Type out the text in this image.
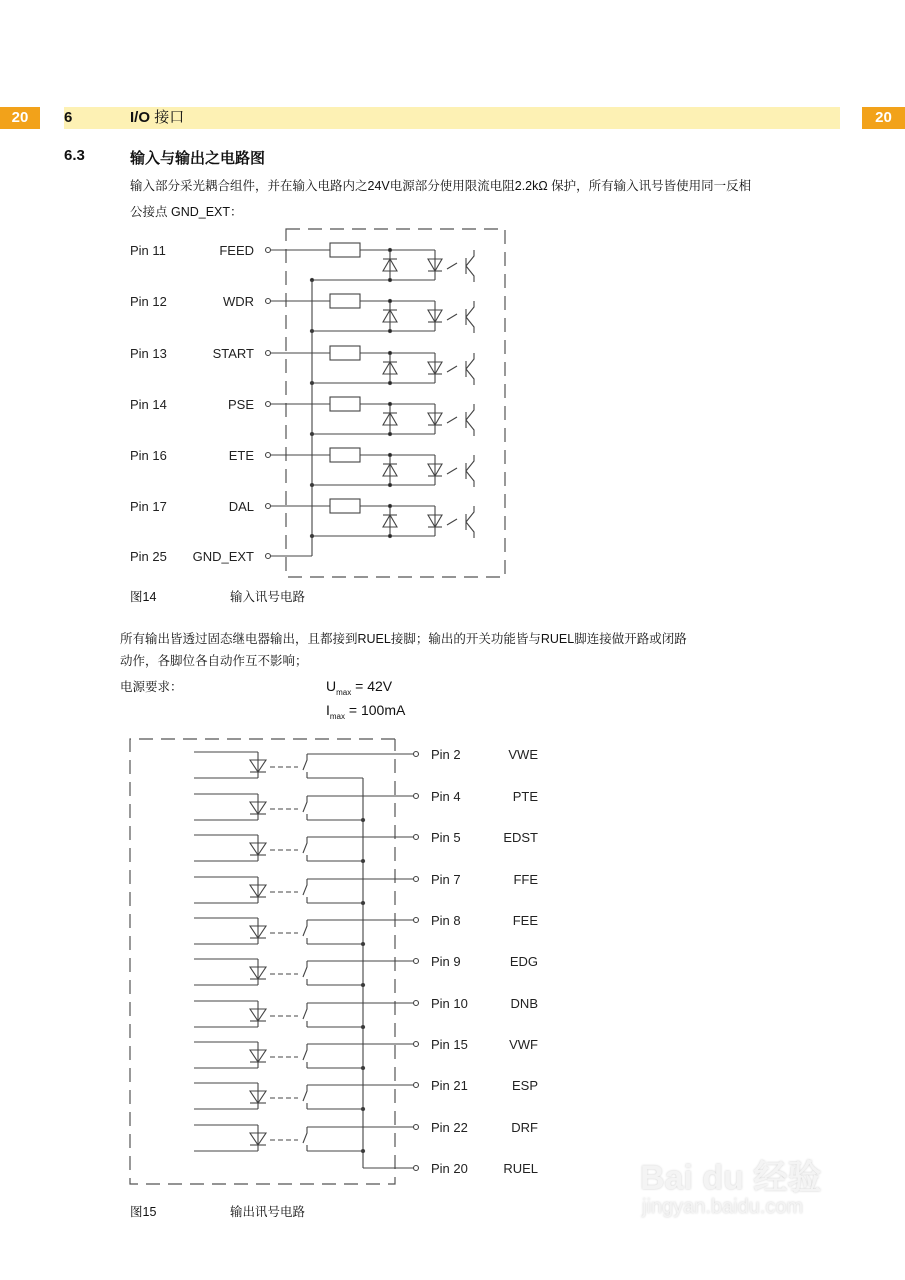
20	6	I/O 接口	20
6.3	输入与输出之电路图
输入部分采光耦合组件，并在输入电路内之24V电源部分使用限流电阻2.2kΩ 保护，所有输入讯号皆使用同一反相
公接点 GND_EXT：
Pin 11	FEED
Pin 12	WDR
Pin 13	START
Pin 14	PSE
Pin 16	ETE
Pin 17	DAL
Pin 25 GND_EXT
Pin 2	VWE
Pin 4	PTE
Pin 5	EDST
Pin 7	FFE
Pin 8	FEE
Pin 9	EDG
Pin 10	DNB
Pin 15	VWF
Pin 21	ESP
Pin 22	DRF
Pin 20	RUEL
图14	输入讯号电路
所有输出皆透过固态继电器输出，且都接到RUEL接脚；输出的开关功能皆与RUEL脚连接做开路或闭路
动作，各脚位各自动作互不影响；
电源要求：	$U_{max} = 42V$
$I_{max} = 100mA$
图15	输出讯号电路
Bai du 经验
jingyan.baidu.com
